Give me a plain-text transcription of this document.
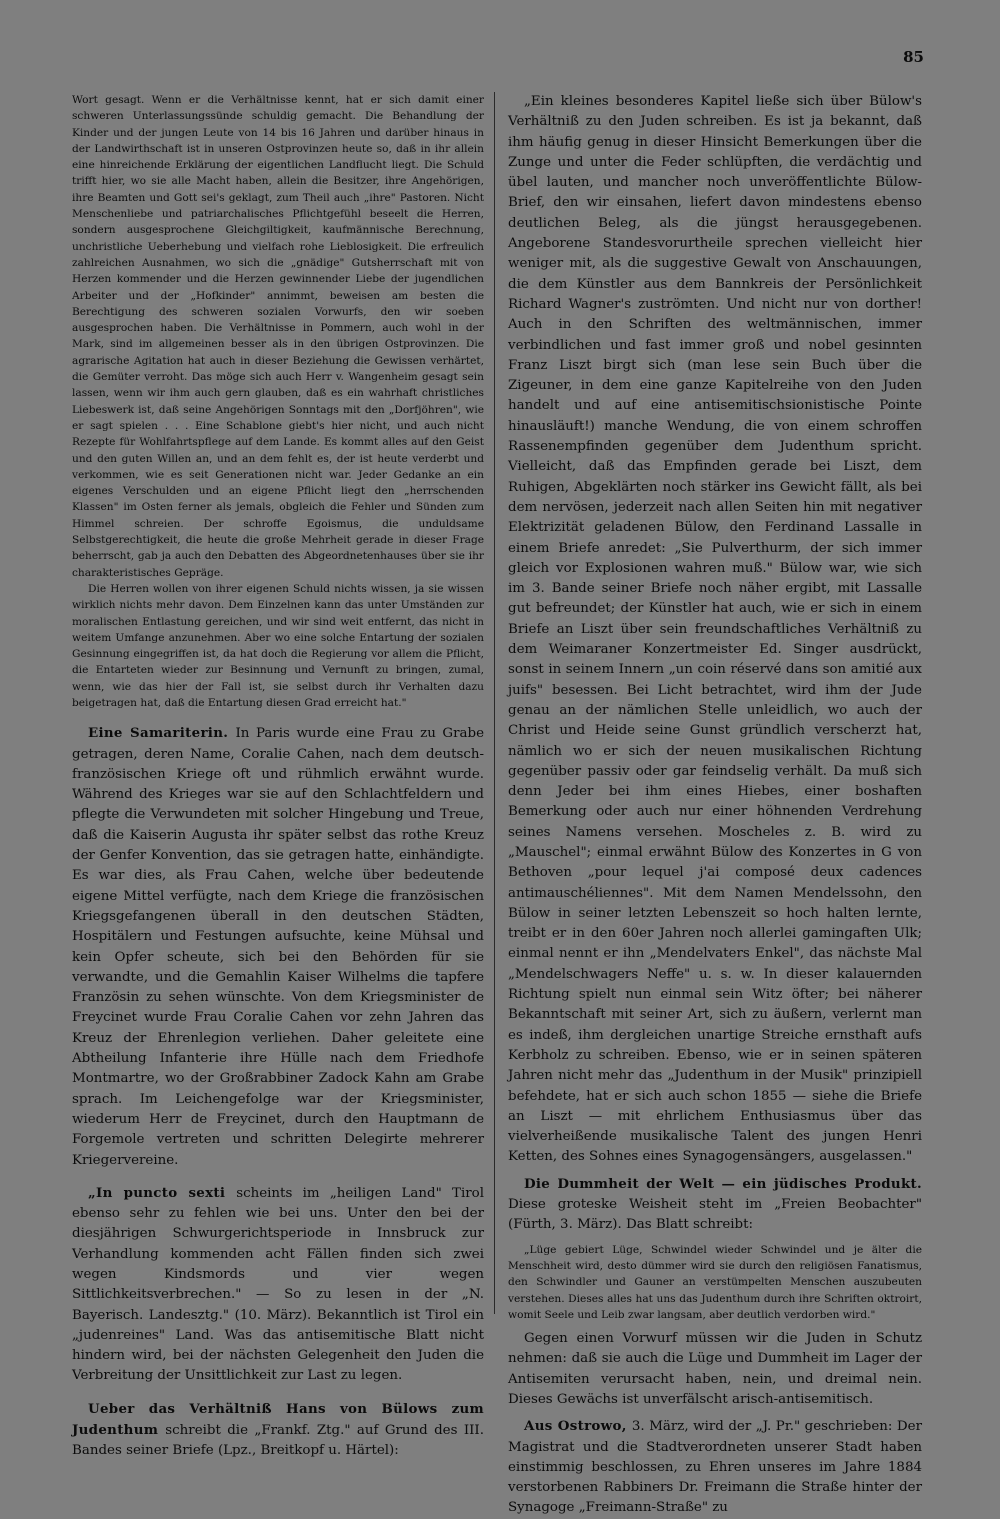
85

Wort gesagt. Wenn er die Verhältnisse kennt, hat er sich damit einer schweren Unterlassungssünde schuldig gemacht. Die Behandlung der Kinder und der jungen Leute von 14 bis 16 Jahren und darüber hinaus in der Landwirthschaft ist in unseren Ostprovinzen heute so, daß in ihr allein eine hinreichende Erklärung der eigentlichen Landflucht liegt. Die Schuld trifft hier, wo sie alle Macht haben, allein die Besitzer, ihre Angehörigen, ihre Beamten und Gott sei's geklagt, zum Theil auch „ihre" Pastoren. Nicht Menschenliebe und patriarchalisches Pflichtgefühl beseelt die Herren, sondern ausgesprochene Gleichgiltigkeit, kaufmännische Berechnung, unchristliche Ueberhebung und vielfach rohe Lieblosigkeit. Die erfreulich zahlreichen Ausnahmen, wo sich die „gnädige" Gutsherrschaft mit von Herzen kommender und die Herzen gewinnender Liebe der jugendlichen Arbeiter und der „Hofkinder" annimmt, beweisen am besten die Berechtigung des schweren sozialen Vorwurfs, den wir soeben ausgesprochen haben. Die Verhältnisse in Pommern, auch wohl in der Mark, sind im allgemeinen besser als in den übrigen Ostprovinzen. Die agrarische Agitation hat auch in dieser Beziehung die Gewissen verhärtet, die Gemüter verroht. Das möge sich auch Herr v. Wangenheim gesagt sein lassen, wenn wir ihm auch gern glauben, daß es ein wahrhaft christliches Liebeswerk ist, daß seine Angehörigen Sonntags mit den „Dorfjöhren", wie er sagt spielen . . . Eine Schablone giebt's hier nicht, und auch nicht Rezepte für Wohlfahrtspflege auf dem Lande. Es kommt alles auf den Geist und den guten Willen an, und an dem fehlt es, der ist heute verderbt und verkommen, wie es seit Generationen nicht war. Jeder Gedanke an ein eigenes Verschulden und an eigene Pflicht liegt den „herrschenden Klassen" im Osten ferner als jemals, obgleich die Fehler und Sünden zum Himmel schreien. Der schroffe Egoismus, die unduldsame Selbstgerechtigkeit, die heute die große Mehrheit gerade in dieser Frage beherrscht, gab ja auch den Debatten des Abgeordnetenhauses über sie ihr charakteristisches Gepräge.

Die Herren wollen von ihrer eigenen Schuld nichts wissen, ja sie wissen wirklich nichts mehr davon. Dem Einzelnen kann das unter Umständen zur moralischen Entlastung gereichen, und wir sind weit entfernt, das nicht in weitem Umfange anzunehmen. Aber wo eine solche Entartung der sozialen Gesinnung eingegriffen ist, da hat doch die Regierung vor allem die Pflicht, die Entarteten wieder zur Besinnung und Vernunft zu bringen, zumal, wenn, wie das hier der Fall ist, sie selbst durch ihr Verhalten dazu beigetragen hat, daß die Entartung diesen Grad erreicht hat."

Eine Samariterin. In Paris wurde eine Frau zu Grabe getragen, deren Name, Coralie Cahen, nach dem deutsch-französischen Kriege oft und rühmlich erwähnt wurde. Während des Krieges war sie auf den Schlachtfeldern und pflegte die Verwundeten mit solcher Hingebung und Treue, daß die Kaiserin Augusta ihr später selbst das rothe Kreuz der Genfer Konvention, das sie getragen hatte, einhändigte. Es war dies, als Frau Cahen, welche über bedeutende eigene Mittel verfügte, nach dem Kriege die französischen Kriegsgefangenen überall in den deutschen Städten, Hospitälern und Festungen aufsuchte, keine Mühsal und kein Opfer scheute, sich bei den Behörden für sie verwandte, und die Gemahlin Kaiser Wilhelms die tapfere Französin zu sehen wünschte. Von dem Kriegsminister de Freycinet wurde Frau Coralie Cahen vor zehn Jahren das Kreuz der Ehrenlegion verliehen. Daher geleitete eine Abtheilung Infanterie ihre Hülle nach dem Friedhofe Montmartre, wo der Großrabbiner Zadock Kahn am Grabe sprach. Im Leichengefolge war der Kriegsminister, wiederum Herr de Freycinet, durch den Hauptmann de Forgemole vertreten und schritten Delegirte mehrerer Kriegervereine.

„In puncto sexti scheints im „heiligen Land" Tirol ebenso sehr zu fehlen wie bei uns. Unter den bei der diesjährigen Schwurgerichtsperiode in Innsbruck zur Verhandlung kommenden acht Fällen finden sich zwei wegen Kindsmords und vier wegen Sittlichkeitsverbrechen." — So zu lesen in der „N. Bayerisch. Landesztg." (10. März). Bekanntlich ist Tirol ein „judenreines" Land. Was das antisemitische Blatt nicht hindern wird, bei der nächsten Gelegenheit den Juden die Verbreitung der Unsittlichkeit zur Last zu legen.

Ueber das Verhältniß Hans von Bülows zum Judenthum schreibt die „Frankf. Ztg." auf Grund des III. Bandes seiner Briefe (Lpz., Breitkopf u. Härtel):

„Ein kleines besonderes Kapitel ließe sich über Bülow's Verhältniß zu den Juden schreiben. Es ist ja bekannt, daß ihm häufig genug in dieser Hinsicht Bemerkungen über die Zunge und unter die Feder schlüpften, die verdächtig und übel lauten, und mancher noch unveröffentlichte Bülow-Brief, den wir einsahen, liefert davon mindestens ebenso deutlichen Beleg, als die jüngst herausgegebenen. Angeborene Standesvorurtheile sprechen vielleicht hier weniger mit, als die suggestive Gewalt von Anschauungen, die dem Künstler aus dem Bannkreis der Persönlichkeit Richard Wagner's zuströmten. Und nicht nur von dorther! Auch in den Schriften des weltmännischen, immer verbindlichen und fast immer groß und nobel gesinnten Franz Liszt birgt sich (man lese sein Buch über die Zigeuner, in dem eine ganze Kapitelreihe von den Juden handelt und auf eine antisemitischsionistische Pointe hinausläuft!) manche Wendung, die von einem schroffen Rassenempfinden gegenüber dem Judenthum spricht. Vielleicht, daß das Empfinden gerade bei Liszt, dem Ruhigen, Abgeklärten noch stärker ins Gewicht fällt, als bei dem nervösen, jederzeit nach allen Seiten hin mit negativer Elektrizität geladenen Bülow, den Ferdinand Lassalle in einem Briefe anredet: „Sie Pulverthurm, der sich immer gleich vor Explosionen wahren muß." Bülow war, wie sich im 3. Bande seiner Briefe noch näher ergibt, mit Lassalle gut befreundet; der Künstler hat auch, wie er sich in einem Briefe an Liszt über sein freundschaftliches Verhältniß zu dem Weimaraner Konzertmeister Ed. Singer ausdrückt, sonst in seinem Innern „un coin réservé dans son amitié aux juifs" besessen. Bei Licht betrachtet, wird ihm der Jude genau an der nämlichen Stelle unleidlich, wo auch der Christ und Heide seine Gunst gründlich verscherzt hat, nämlich wo er sich der neuen musikalischen Richtung gegenüber passiv oder gar feindselig verhält. Da muß sich denn Jeder bei ihm eines Hiebes, einer boshaften Bemerkung oder auch nur einer höhnenden Verdrehung seines Namens versehen. Moscheles z. B. wird zu „Mauschel"; einmal erwähnt Bülow des Konzertes in G von Bethoven „pour lequel j'ai composé deux cadences antimauschéliennes". Mit dem Namen Mendelssohn, den Bülow in seiner letzten Lebenszeit so hoch halten lernte, treibt er in den 60er Jahren noch allerlei gamingaften Ulk; einmal nennt er ihn „Mendelvaters Enkel", das nächste Mal „Mendelschwagers Neffe" u. s. w. In dieser kalauernden Richtung spielt nun einmal sein Witz öfter; bei näherer Bekanntschaft mit seiner Art, sich zu äußern, verlernt man es indeß, ihm dergleichen unartige Streiche ernsthaft aufs Kerbholz zu schreiben. Ebenso, wie er in seinen späteren Jahren nicht mehr das „Judenthum in der Musik" prinzipiell befehdete, hat er sich auch schon 1855 — siehe die Briefe an Liszt — mit ehrlichem Enthusiasmus über das vielverheißende musikalische Talent des jungen Henri Ketten, des Sohnes eines Synagogensängers, ausgelassen."

Die Dummheit der Welt — ein jüdisches Produkt. Diese groteske Weisheit steht im „Freien Beobachter" (Fürth, 3. März). Das Blatt schreibt:

„Lüge gebiert Lüge, Schwindel wieder Schwindel und je älter die Menschheit wird, desto dümmer wird sie durch den religiösen Fanatismus, den Schwindler und Gauner an verstümpelten Menschen auszubeuten verstehen. Dieses alles hat uns das Judenthum durch ihre Schriften oktroirt, womit Seele und Leib zwar langsam, aber deutlich verdorben wird."

Gegen einen Vorwurf müssen wir die Juden in Schutz nehmen: daß sie auch die Lüge und Dummheit im Lager der Antisemiten verursacht haben, nein, und dreimal nein. Dieses Gewächs ist unverfälscht arisch-antisemitisch.

Aus Ostrowo, 3. März, wird der „J. Pr." geschrieben: Der Magistrat und die Stadtverordneten unserer Stadt haben einstimmig beschlossen, zu Ehren unseres im Jahre 1884 verstorbenen Rabbiners Dr. Freimann die Straße hinter der Synagoge „Freimann-Straße" zu
